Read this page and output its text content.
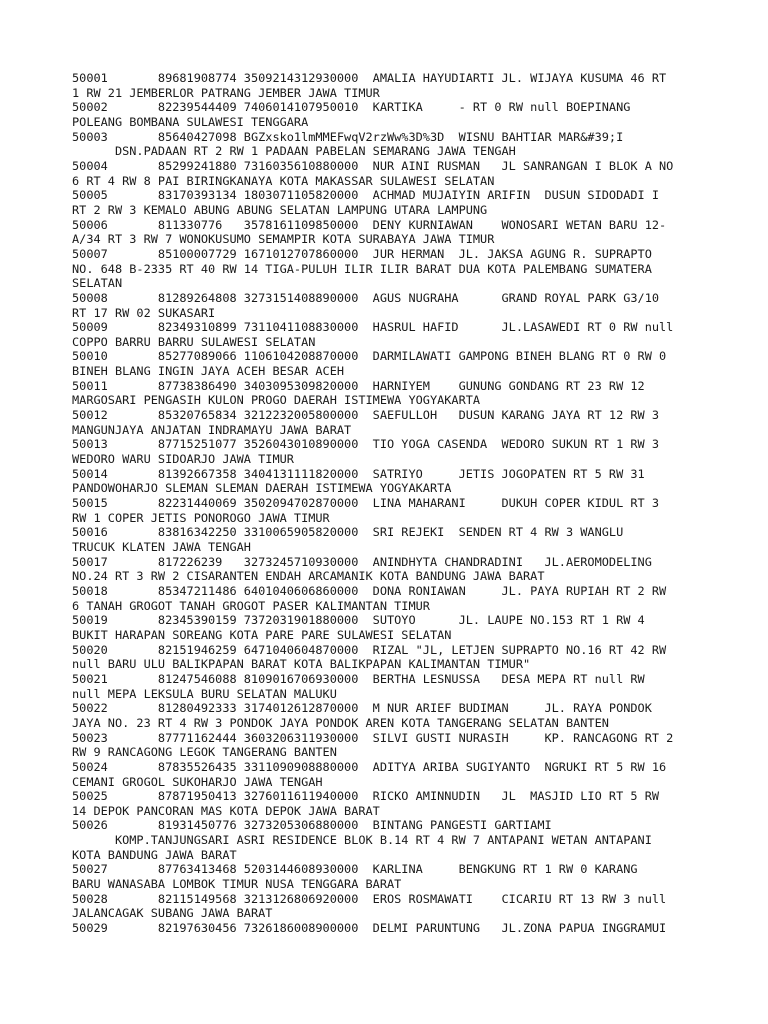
50001       89681908774 3509214312930000  AMALIA HAYUDIARTI JL. WIJAYA KUSUMA 46 RT
1 RW 21 JEMBERLOR PATRANG JEMBER JAWA TIMUR
50002       82239544409 7406014107950010  KARTIKA     - RT 0 RW null BOEPINANG
POLEANG BOMBANA SULAWESI TENGGARA
50003       85640427098 BGZxsko1lmMMEFwqV2rzWw%3D%3D  WISNU BAHTIAR MAR&#39;I
DSN.PADAAN RT 2 RW 1 PADAAN PABELAN SEMARANG JAWA TENGAH
50004       85299241880 7316035610880000  NUR AINI RUSMAN   JL SANRANGAN I BLOK A NO
6 RT 4 RW 8 PAI BIRINGKANAYA KOTA MAKASSAR SULAWESI SELATAN
50005       83170393134 1803071105820000  ACHMAD MUJAIYIN ARIFIN  DUSUN SIDODADI I
RT 2 RW 3 KEMALO ABUNG ABUNG SELATAN LAMPUNG UTARA LAMPUNG
50006       811330776   3578161109850000  DENY KURNIAWAN    WONOSARI WETAN BARU 12-
A/34 RT 3 RW 7 WONOKUSUMO SEMAMPIR KOTA SURABAYA JAWA TIMUR
50007       85100007729 1671012707860000  JUR HERMAN  JL. JAKSA AGUNG R. SUPRAPTO
NO. 648 B-2335 RT 40 RW 14 TIGA-PULUH ILIR ILIR BARAT DUA KOTA PALEMBANG SUMATERA
SELATAN
50008       81289264808 3273151408890000  AGUS NUGRAHA      GRAND ROYAL PARK G3/10
RT 17 RW 02 SUKASARI
50009       82349310899 7311041108830000  HASRUL HAFID      JL.LASAWEDI RT 0 RW null
COPPO BARRU BARRU SULAWESI SELATAN
50010       85277089066 1106104208870000  DARMILAWATI GAMPONG BINEH BLANG RT 0 RW 0
BINEH BLANG INGIN JAYA ACEH BESAR ACEH
50011       87738386490 3403095309820000  HARNIYEM    GUNUNG GONDANG RT 23 RW 12
MARGOSARI PENGASIH KULON PROGO DAERAH ISTIMEWA YOGYAKARTA
50012       85320765834 3212232005800000  SAEFULLOH   DUSUN KARANG JAYA RT 12 RW 3
MANGUNJAYA ANJATAN INDRAMAYU JAWA BARAT
50013       87715251077 3526043010890000  TIO YOGA CASENDA  WEDORO SUKUN RT 1 RW 3
WEDORO WARU SIDOARJO JAWA TIMUR
50014       81392667358 3404131111820000  SATRIYO     JETIS JOGOPATEN RT 5 RW 31
PANDOWOHARJO SLEMAN SLEMAN DAERAH ISTIMEWA YOGYAKARTA
50015       82231440069 3502094702870000  LINA MAHARANI     DUKUH COPER KIDUL RT 3
RW 1 COPER JETIS PONOROGO JAWA TIMUR
50016       83816342250 3310065905820000  SRI REJEKI  SENDEN RT 4 RW 3 WANGLU
TRUCUK KLATEN JAWA TENGAH
50017       817226239   3273245710930000  ANINDHYTA CHANDRADINI   JL.AEROMODELING
NO.24 RT 3 RW 2 CISARANTEN ENDAH ARCAMANIK KOTA BANDUNG JAWA BARAT
50018       85347211486 6401040606860000  DONA RONIAWAN     JL. PAYA RUPIAH RT 2 RW
6 TANAH GROGOT TANAH GROGOT PASER KALIMANTAN TIMUR
50019       82345390159 7372031901880000  SUTOYO      JL. LAUPE NO.153 RT 1 RW 4
BUKIT HARAPAN SOREANG KOTA PARE PARE SULAWESI SELATAN
50020       82151946259 6471040604870000  RIZAL "JL, LETJEN SUPRAPTO NO.16 RT 42 RW
null BARU ULU BALIKPAPAN BARAT KOTA BALIKPAPAN KALIMANTAN TIMUR"
50021       81247546088 8109016706930000  BERTHA LESNUSSA   DESA MEPA RT null RW
null MEPA LEKSULA BURU SELATAN MALUKU
50022       81280492333 3174012612870000  M NUR ARIEF BUDIMAN     JL. RAYA PONDOK
JAYA NO. 23 RT 4 RW 3 PONDOK JAYA PONDOK AREN KOTA TANGERANG SELATAN BANTEN
50023       87771162444 3603206311930000  SILVI GUSTI NURASIH     KP. RANCAGONG RT 2
RW 9 RANCAGONG LEGOK TANGERANG BANTEN
50024       87835526435 3311090908880000  ADITYA ARIBA SUGIYANTO  NGRUKI RT 5 RW 16
CEMANI GROGOL SUKOHARJO JAWA TENGAH
50025       87871950413 3276011611940000  RICKO AMINNUDIN   JL  MASJID LIO RT 5 RW
14 DEPOK PANCORAN MAS KOTA DEPOK JAWA BARAT
50026       81931450776 3273205306880000  BINTANG PANGESTI GARTIAMI
KOMP.TANJUNGSARI ASRI RESIDENCE BLOK B.14 RT 4 RW 7 ANTAPANI WETAN ANTAPANI
KOTA BANDUNG JAWA BARAT
50027       87763413468 5203144608930000  KARLINA     BENGKUNG RT 1 RW 0 KARANG
BARU WANASABA LOMBOK TIMUR NUSA TENGGARA BARAT
50028       82115149568 3213126806920000  EROS ROSMAWATI    CICARIU RT 13 RW 3 null
JALANCAGAK SUBANG JAWA BARAT
50029       82197630456 7326186008900000  DELMI PARUNTUNG   JL.ZONA PAPUA INGGRAMUI
